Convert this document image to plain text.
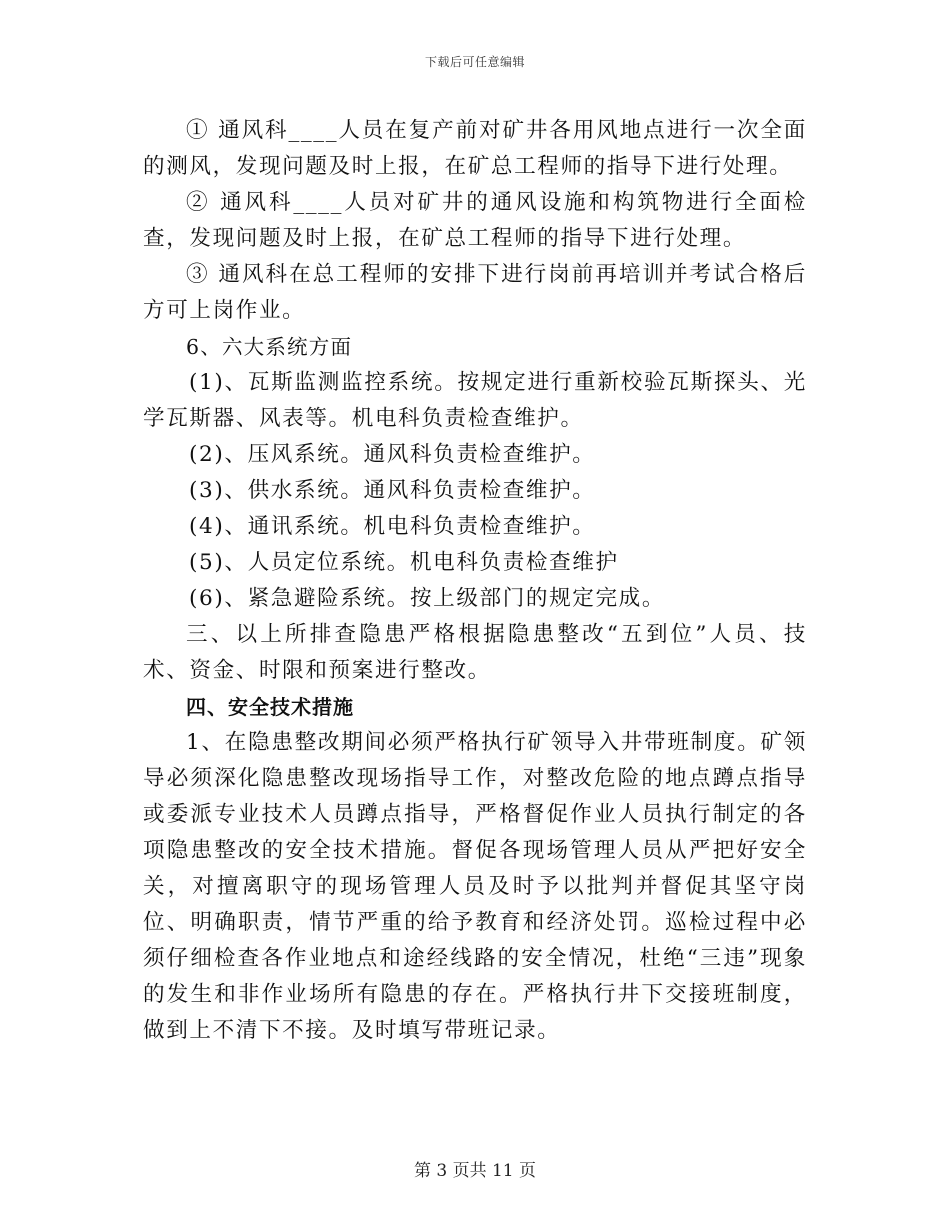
下载后可任意编辑

① 通风科____人员在复产前对矿井各用风地点进行一次全面的测风，发现问题及时上报，在矿总工程师的指导下进行处理。

② 通风科____人员对矿井的通风设施和构筑物进行全面检查，发现问题及时上报，在矿总工程师的指导下进行处理。

③ 通风科在总工程师的安排下进行岗前再培训并考试合格后方可上岗作业。

6、六大系统方面

(1)、瓦斯监测监控系统。按规定进行重新校验瓦斯探头、光学瓦斯器、风表等。机电科负责检查维护。

(2)、压风系统。通风科负责检查维护。

(3)、供水系统。通风科负责检查维护。

(4)、通讯系统。机电科负责检查维护。

(5)、人员定位系统。机电科负责检查维护

(6)、紧急避险系统。按上级部门的规定完成。

三、以上所排查隐患严格根据隐患整改“五到位”人员、技术、资金、时限和预案进行整改。

四、安全技术措施

1、在隐患整改期间必须严格执行矿领导入井带班制度。矿领导必须深化隐患整改现场指导工作，对整改危险的地点蹲点指导或委派专业技术人员蹲点指导，严格督促作业人员执行制定的各项隐患整改的安全技术措施。督促各现场管理人员从严把好安全关，对擅离职守的现场管理人员及时予以批判并督促其坚守岗位、明确职责，情节严重的给予教育和经济处罚。巡检过程中必须仔细检查各作业地点和途经线路的安全情况，杜绝“三违”现象的发生和非作业场所有隐患的存在。严格执行井下交接班制度，做到上不清下不接。及时填写带班记录。

第 3 页共 11 页
